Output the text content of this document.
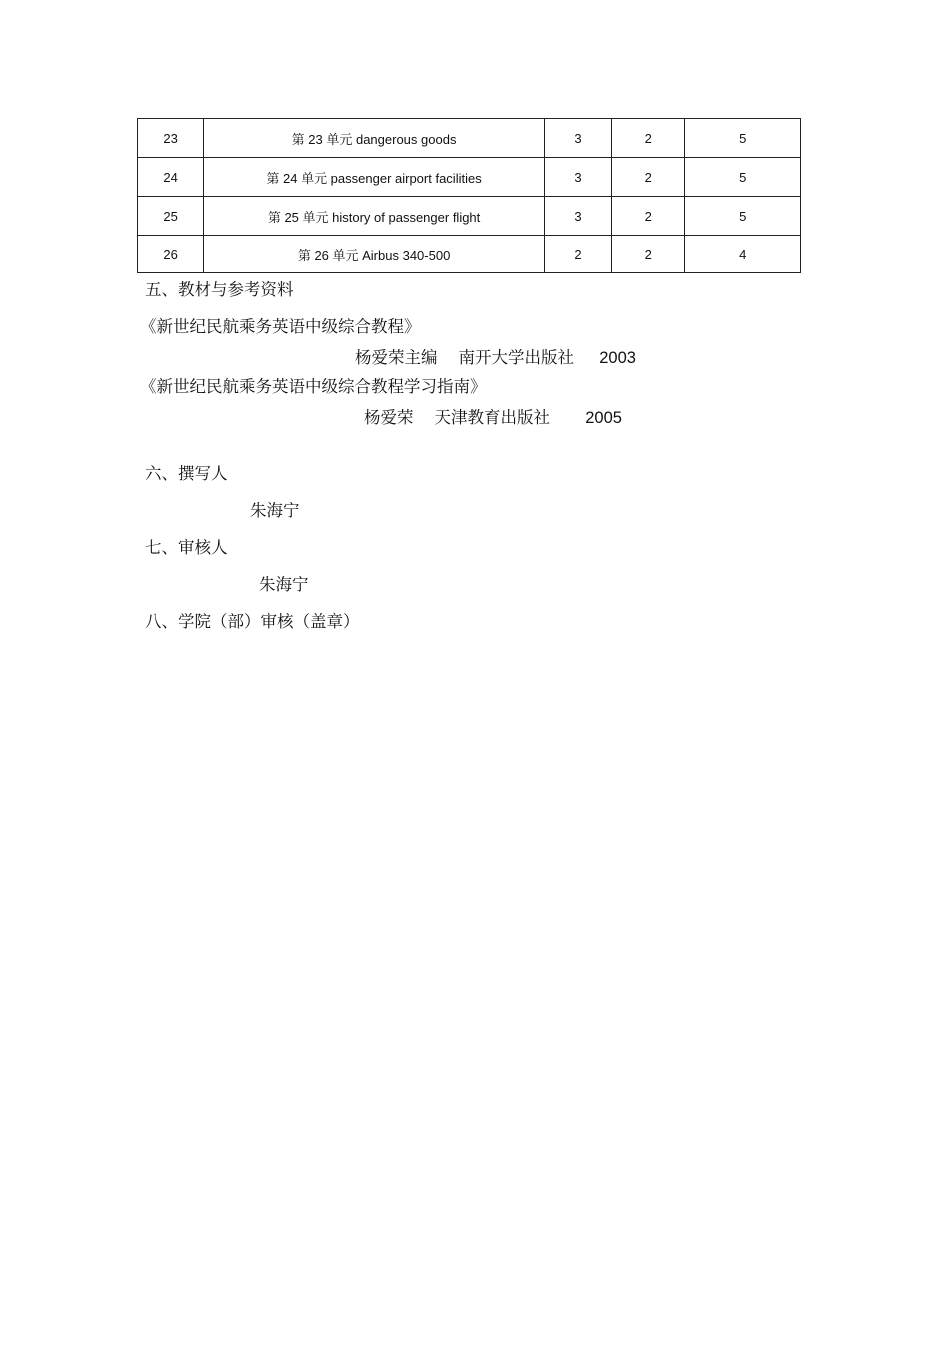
23	第 23 单元 dangerous goods	3	2	5
24	第 24 单元 passenger airport facilities	3	2	5
25	第 25 单元 history of passenger flight	3	2	5
26	第 26 单元 Airbus 340-500	2	2	4
五、教材与参考资料
《新世纪民航乘务英语中级综合教程》
杨爱荣主编    南开大学出版社 2003
《新世纪民航乘务英语中级综合教程学习指南》
杨爱荣    天津教育出版社 2005
六、撰写人
朱海宁
七、审核人
朱海宁
八、学院（部）审核（盖章）
